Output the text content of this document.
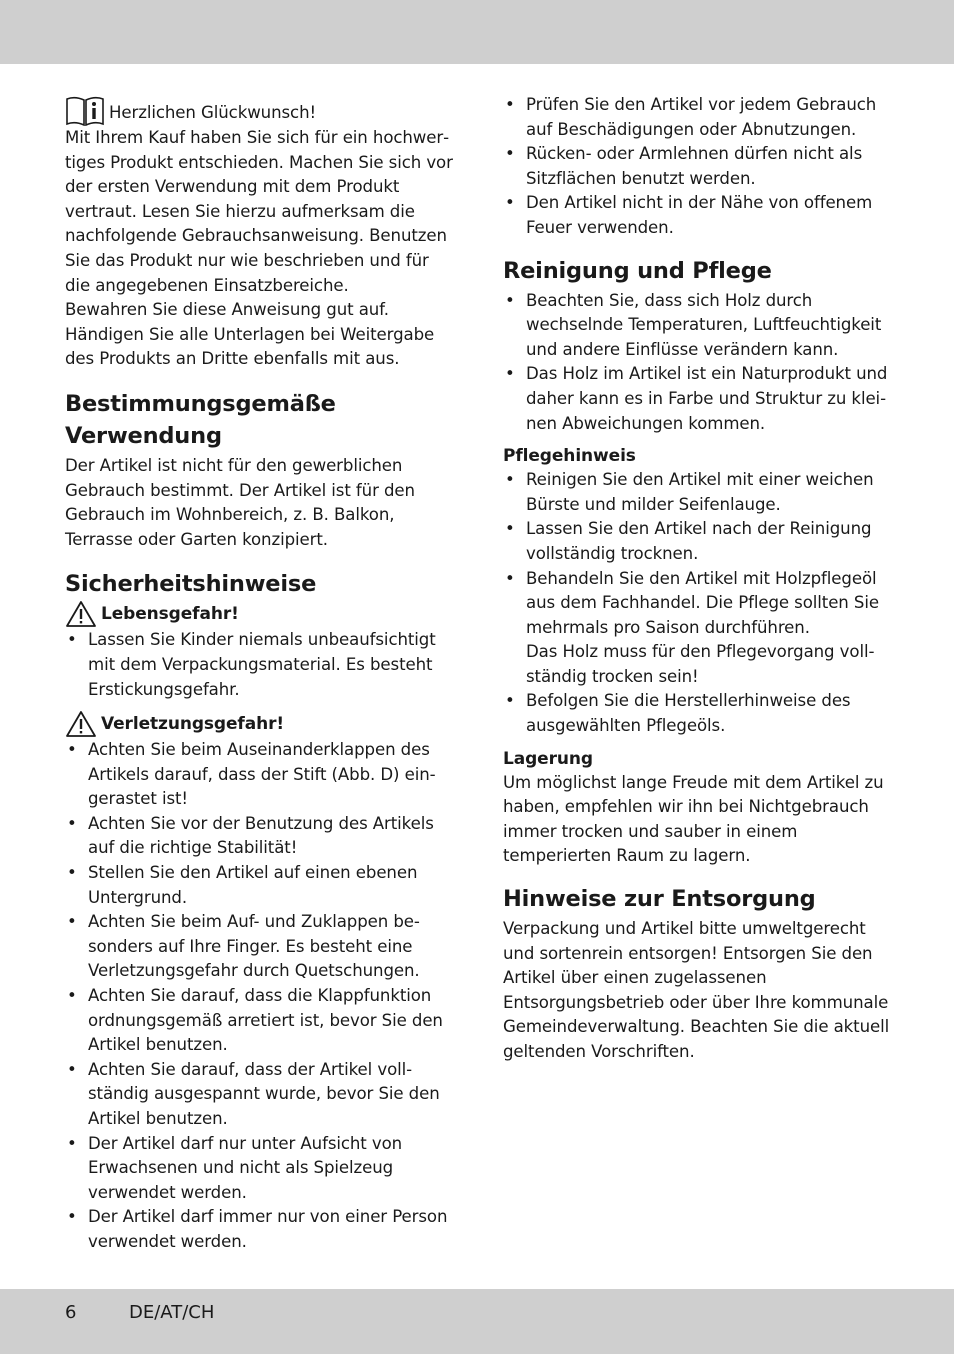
Herzlichen Glückwunsch!

Mit Ihrem Kauf haben Sie sich für ein hochwertiges Produkt entschieden. Machen Sie sich vor der ersten Verwendung mit dem Produkt vertraut. Lesen Sie hierzu aufmerksam die nachfolgende Gebrauchsanweisung. Benutzen Sie das Produkt nur wie beschrieben und für die angegebenen Einsatzbereiche.

Bewahren Sie diese Anweisung gut auf. Händigen Sie alle Unterlagen bei Weitergabe des Produkts an Dritte ebenfalls mit aus.

Bestimmungsgemäße Verwendung

Der Artikel ist nicht für den gewerblichen Gebrauch bestimmt. Der Artikel ist für den Gebrauch im Wohnbereich, z. B. Balkon, Terrasse oder Garten konzipiert.

Sicherheitshinweise
Lebensgefahr!
• Lassen Sie Kinder niemals unbeaufsichtigt mit dem Verpackungsmaterial. Es besteht Erstickungsgefahr.
Verletzungsgefahr!
• Achten Sie beim Auseinanderklappen des Artikels darauf, dass der Stift (Abb. D) eingerastet ist!
• Achten Sie vor der Benutzung des Artikels auf die richtige Stabilität!
• Stellen Sie den Artikel auf einen ebenen Untergrund.
• Achten Sie beim Auf- und Zuklappen besonders auf Ihre Finger. Es besteht eine Verletzungsgefahr durch Quetschungen.
• Achten Sie darauf, dass die Klappfunktion ordnungsgemäß arretiert ist, bevor Sie den Artikel benutzen.
• Achten Sie darauf, dass der Artikel vollständig ausgespannt wurde, bevor Sie den Artikel benutzen.
• Der Artikel darf nur unter Aufsicht von Erwachsenen und nicht als Spielzeug verwendet werden.
• Der Artikel darf immer nur von einer Person verwendet werden.
• Prüfen Sie den Artikel vor jedem Gebrauch auf Beschädigungen oder Abnutzungen.
• Rücken- oder Armlehnen dürfen nicht als Sitzflächen benutzt werden.
• Den Artikel nicht in der Nähe von offenem Feuer verwenden.
Reinigung und Pflege
• Beachten Sie, dass sich Holz durch wechselnde Temperaturen, Luftfeuchtigkeit und andere Einflüsse verändern kann.
• Das Holz im Artikel ist ein Naturprodukt und daher kann es in Farbe und Struktur zu kleinen Abweichungen kommen.
Pflegehinweis
• Reinigen Sie den Artikel mit einer weichen Bürste und milder Seifenlauge.
• Lassen Sie den Artikel nach der Reinigung vollständig trocknen.
• Behandeln Sie den Artikel mit Holzpflegeöl aus dem Fachhandel. Die Pflege sollten Sie mehrmals pro Saison durchführen.
Das Holz muss für den Pflegevorgang vollständig trocken sein!
• Befolgen Sie die Herstellerhinweise des ausgewählten Pflegeöls.
Lagerung

Um möglichst lange Freude mit dem Artikel zu haben, empfehlen wir ihn bei Nichtgebrauch immer trocken und sauber in einem temperierten Raum zu lagern.

Hinweise zur Entsorgung

Verpackung und Artikel bitte umweltgerecht und sortenrein entsorgen! Entsorgen Sie den Artikel über einen zugelassenen Entsorgungsbetrieb oder über Ihre kommunale Gemeindeverwaltung. Beachten Sie die aktuell geltenden Vorschriften.

6	DE/AT/CH
